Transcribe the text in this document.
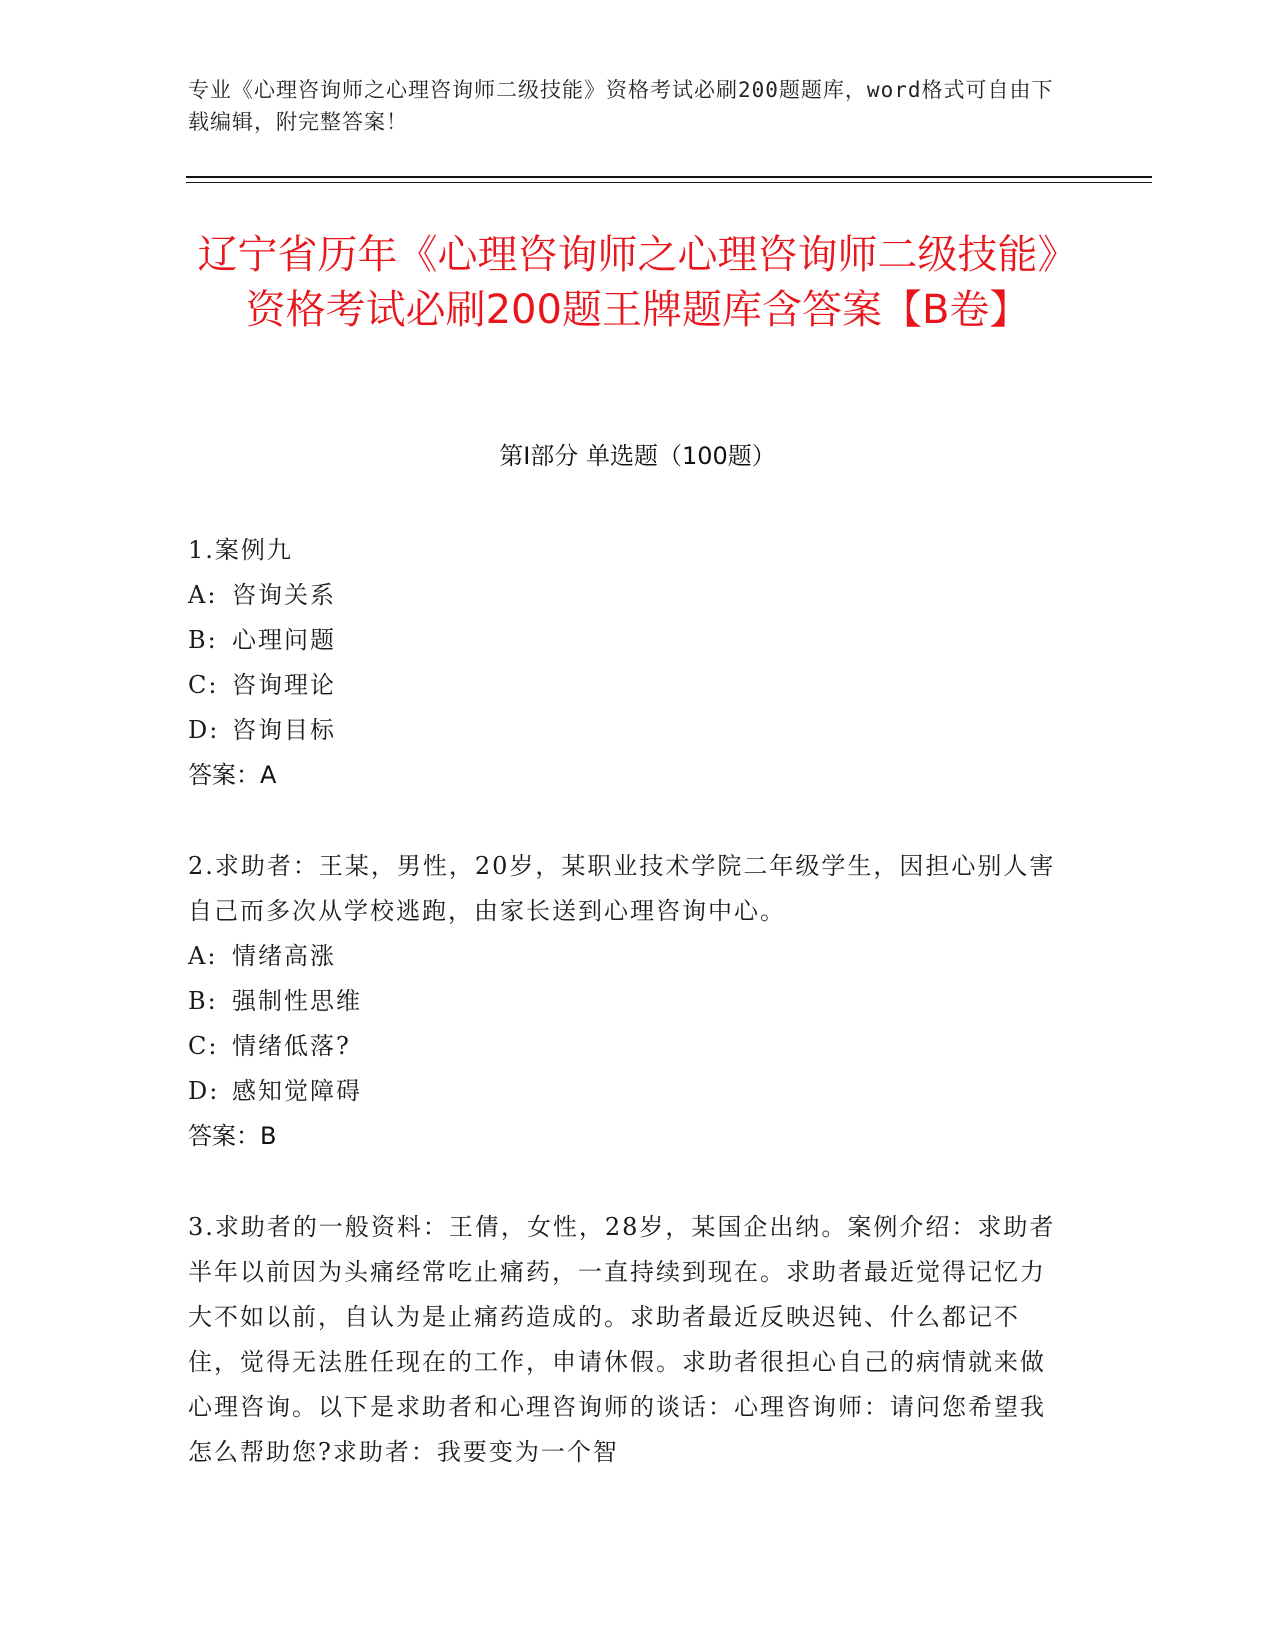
专业《心理咨询师之心理咨询师二级技能》资格考试必刷200题题库，word格式可自由下载编辑，附完整答案！
辽宁省历年《心理咨询师之心理咨询师二级技能》资格考试必刷200题王牌题库含答案【B卷】
第Ⅰ部分 单选题（100题）
1.案例九
A: 咨询关系
B: 心理问题
C: 咨询理论
D: 咨询目标
答案：A
2.求助者：王某，男性，20岁，某职业技术学院二年级学生，因担心别人害自己而多次从学校逃跑，由家长送到心理咨询中心。
A: 情绪高涨
B: 强制性思维
C: 情绪低落?
D: 感知觉障碍
答案：B
3.求助者的一般资料：王倩，女性，28岁，某国企出纳。案例介绍：求助者半年以前因为头痛经常吃止痛药，一直持续到现在。求助者最近觉得记忆力大不如以前，自认为是止痛药造成的。求助者最近反映迟钝、什么都记不住，觉得无法胜任现在的工作，申请休假。求助者很担心自己的病情就来做心理咨询。以下是求助者和心理咨询师的谈话：心理咨询师：请问您希望我怎么帮助您?求助者：我要变为一个智
